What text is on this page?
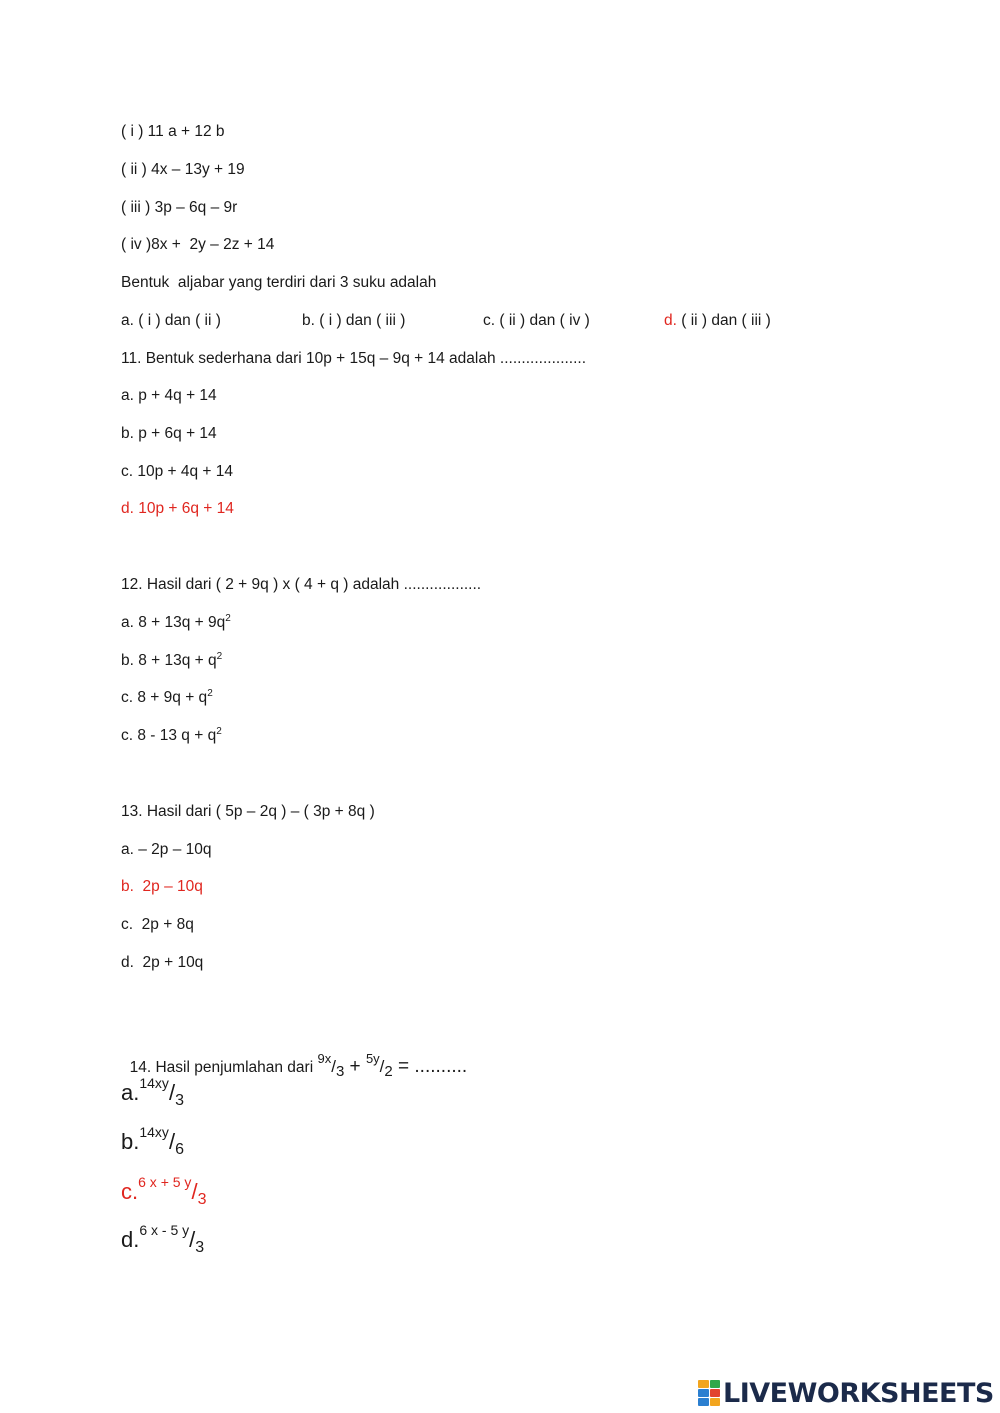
( i ) 11 a + 12 b
( ii ) 4x – 13y + 19
( iii ) 3p – 6q – 9r
( iv )8x +  2y – 2z + 14
Bentuk  aljabar yang terdiri dari 3 suku adalah

a. ( i ) dan ( ii )

	b. ( i ) dan ( iii )

	c. ( ii ) dan ( iv )

	d. ( ii ) dan ( iii )

11. Bentuk sederhana dari 10p + 15q – 9q + 14 adalah ....................
a. p + 4q + 14
b. p + 6q + 14
c. 10p + 4q + 14
d. 10p + 6q + 14
12. Hasil dari ( 2 + 9q ) x ( 4 + q ) adalah ..................
a. $8 + 13q + 9q^2$
b. $8 + 13q + q^2$
c. $8 + 9q + q^2$
c. 8 - 13 $q + q^2$
13. Hasil dari ( 5p – 2q ) – ( 3p + 8q )
a. – 2p – 10q
b.  2p – 10q
c.  2p + 8q
d.  2p + 10q

14. Hasil penjumlahan dari $^{9x}$/3 + $^{5y}$/2 = ..........

$a.^{14xy}/_3$
$b.^{14xy}/_6$
$c.^{6 x + 5 y}/_3$
$d.^{6 x - 5 y}/_3$
LIVEWORKSHEETS
